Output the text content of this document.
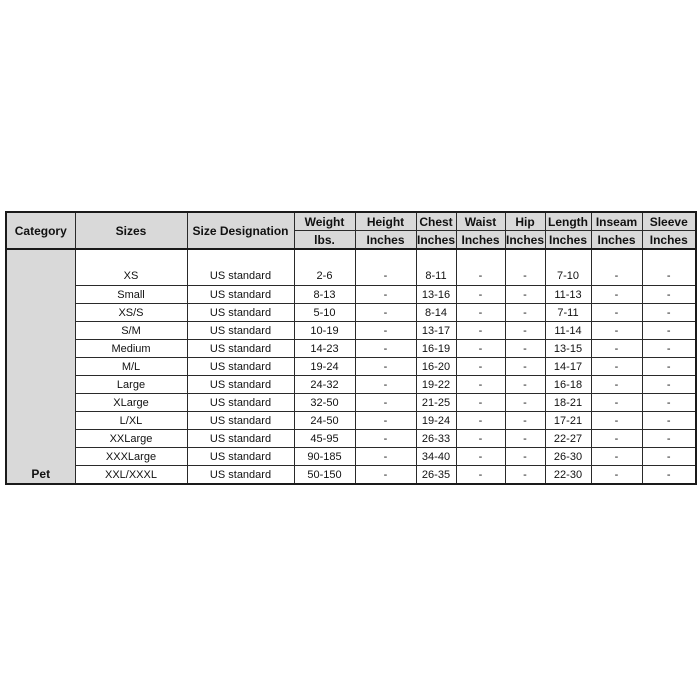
Category	Sizes	Size Designation	Weight	Height	Chest	Waist	Hip	Length	Inseam	Sleeve
			lbs.	Inches	Inches	Inches	Inches	Inches	Inches	Inches
Pet	XS	US standard	2-6	-	8-11	-	-	7-10	-	-
	Small	US standard	8-13	-	13-16	-	-	11-13	-	-
	XS/S	US standard	5-10	-	8-14	-	-	7-11	-	-
	S/M	US standard	10-19	-	13-17	-	-	11-14	-	-
	Medium	US standard	14-23	-	16-19	-	-	13-15	-	-
	M/L	US standard	19-24	-	16-20	-	-	14-17	-	-
	Large	US standard	24-32	-	19-22	-	-	16-18	-	-
	XLarge	US standard	32-50	-	21-25	-	-	18-21	-	-
	L/XL	US standard	24-50	-	19-24	-	-	17-21	-	-
	XXLarge	US standard	45-95	-	26-33	-	-	22-27	-	-
	XXXLarge	US standard	90-185	-	34-40	-	-	26-30	-	-
	XXL/XXXL	US standard	50-150	-	26-35	-	-	22-30	-	-
